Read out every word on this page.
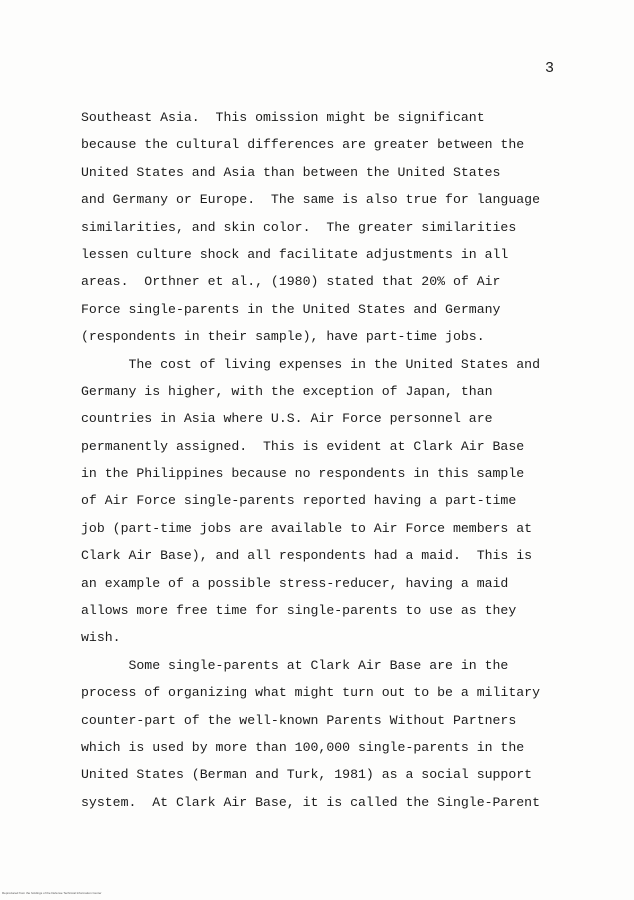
3
Southeast Asia.  This omission might be significant
because the cultural differences are greater between the
United States and Asia than between the United States
and Germany or Europe.  The same is also true for language
similarities, and skin color.  The greater similarities
lessen culture shock and facilitate adjustments in all
areas.  Orthner et al., (1980) stated that 20% of Air
Force single-parents in the United States and Germany
(respondents in their sample), have part-time jobs.
The cost of living expenses in the United States and
Germany is higher, with the exception of Japan, than
countries in Asia where U.S. Air Force personnel are
permanently assigned.  This is evident at Clark Air Base
in the Philippines because no respondents in this sample
of Air Force single-parents reported having a part-time
job (part-time jobs are available to Air Force members at
Clark Air Base), and all respondents had a maid.  This is
an example of a possible stress-reducer, having a maid
allows more free time for single-parents to use as they
wish.
Some single-parents at Clark Air Base are in the
process of organizing what might turn out to be a military
counter-part of the well-known Parents Without Partners
which is used by more than 100,000 single-parents in the
United States (Berman and Turk, 1981) as a social support
system.  At Clark Air Base, it is called the Single-Parent
Reproduced from the holdings of the Defense Technical Information Center
